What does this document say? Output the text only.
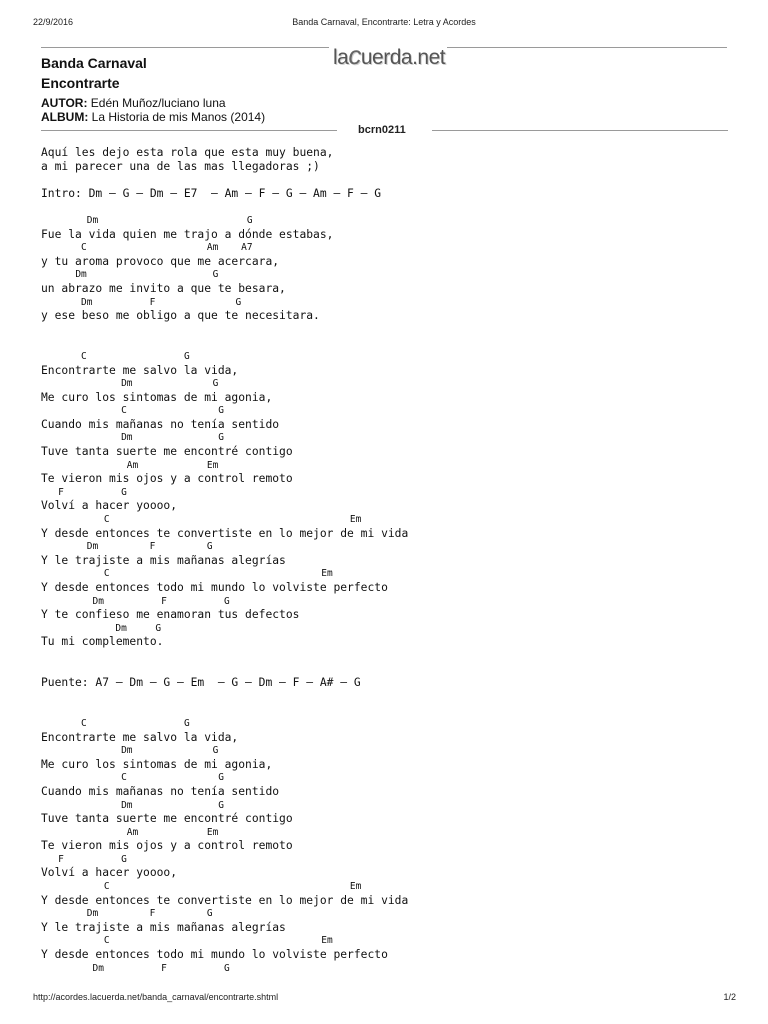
22/9/2016	Banda Carnaval, Encontrarte: Letra y Acordes
lacuerda.net
Banda Carnaval
Encontrarte
AUTOR: Edén Muñoz/luciano luna
ALBUM: La Historia de mis Manos (2014)
bcrn0211
Aquí les dejo esta rola que esta muy buena,
a mi parecer una de las mas llegadoras ;)

Intro: Dm – G – Dm – E7  – Am – F – G – Am – F – G

Dm                          G
Fue la vida quien me trajo a dónde estabas,
C                     Am    A7
y tu aroma provoco que me acercara,
Dm                      G
un abrazo me invito a que te besara,
Dm          F              G
y ese beso me obligo a que te necesitara.

C                 G
Encontrarte me salvo la vida,
Dm              G
Me curo los sintomas de mi agonia,
C                G
Cuando mis mañanas no tenía sentido
Dm               G
Tuve tanta suerte me encontré contigo
Am            Em
Te vieron mis ojos y a control remoto
F          G
Volví a hacer yoooo,
C                                          Em
Y desde entonces te convertiste en lo mejor de mi vida
Dm         F         G
Y le trajiste a mis mañanas alegrías
C                                     Em
Y desde entonces todo mi mundo lo volviste perfecto
Dm          F          G
Y te confieso me enamoran tus defectos
Dm     G
Tu mi complemento.

Puente: A7 – Dm – G – Em  – G – Dm – F – A# – G

C                 G
Encontrarte me salvo la vida,
Dm              G
Me curo los sintomas de mi agonia,
C                G
Cuando mis mañanas no tenía sentido
Dm               G
Tuve tanta suerte me encontré contigo
Am            Em
Te vieron mis ojos y a control remoto
F          G
Volví a hacer yoooo,
C                                          Em
Y desde entonces te convertiste en lo mejor de mi vida
Dm         F         G
Y le trajiste a mis mañanas alegrías
C                                     Em
Y desde entonces todo mi mundo lo volviste perfecto
Dm          F          G
http://acordes.lacuerda.net/banda_carnaval/encontrarte.shtml	1/2
